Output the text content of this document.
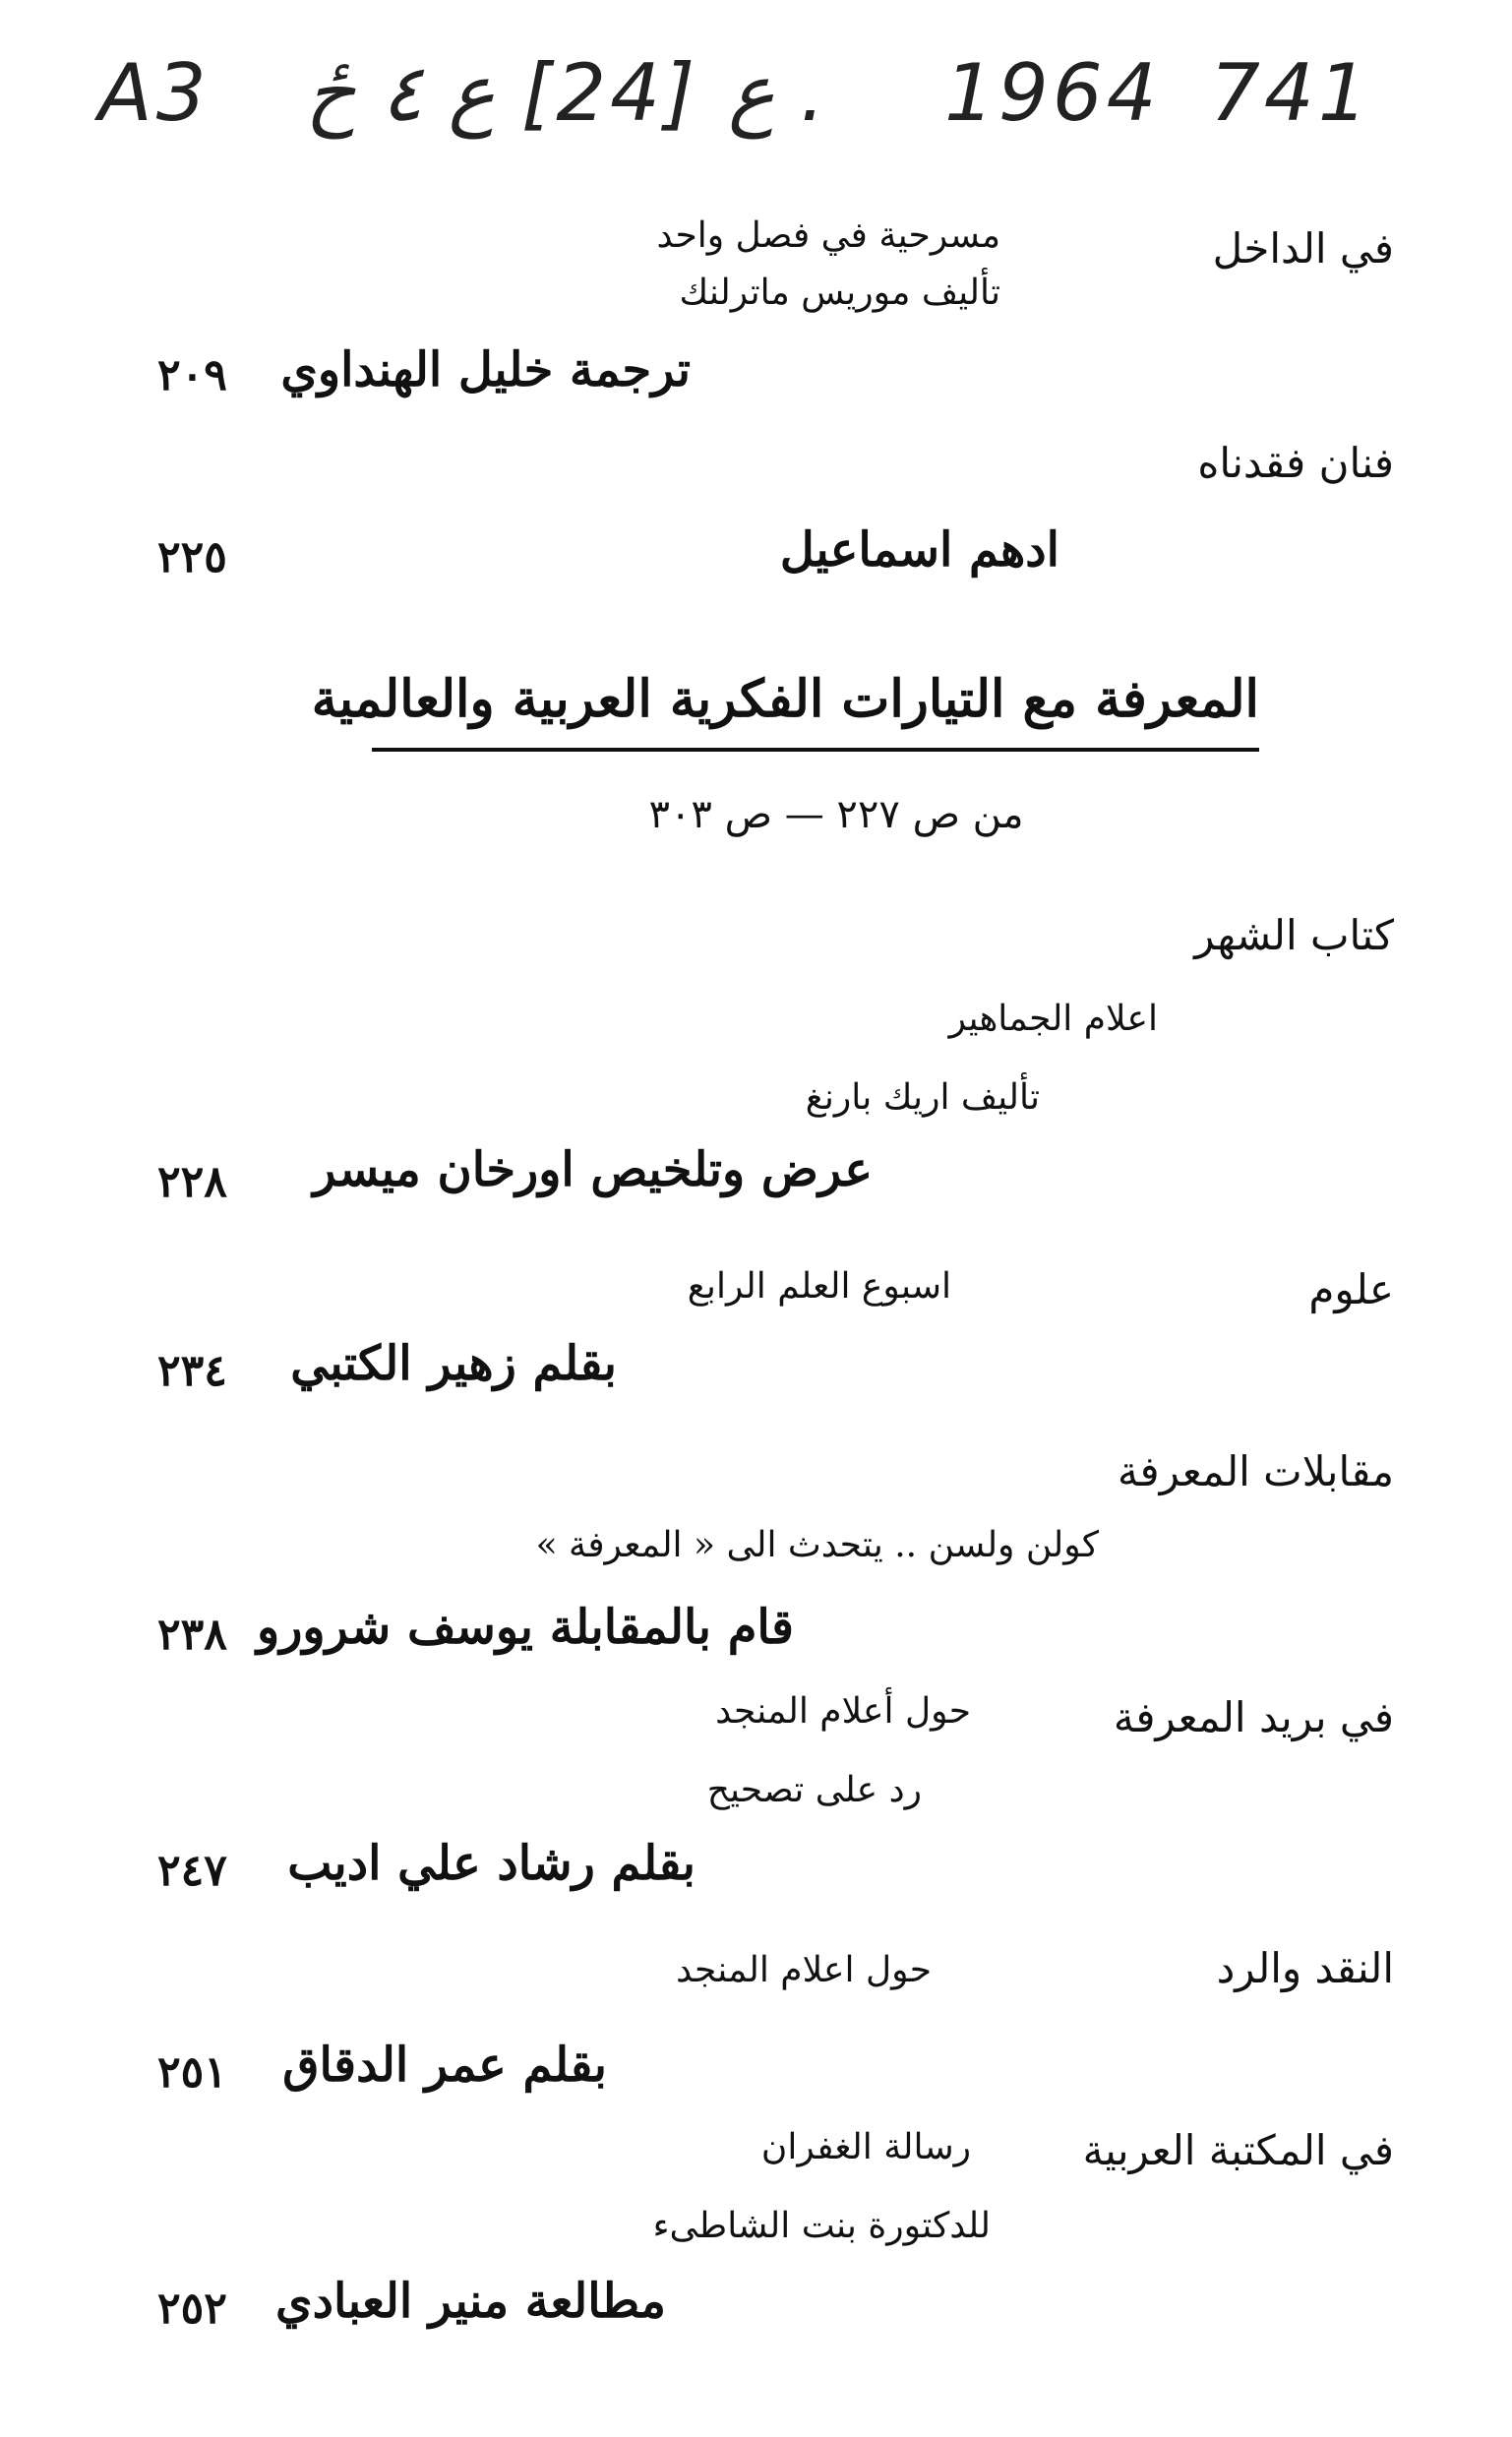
A3 ع ٤ ځ [24] ع . 1964 741
في الداخل
مسرحية في فصل واحد
تأليف موريس ماترلنك
ترجمة خليل الهنداوي
٢٠٩
فنان فقدناه
ادهم اسماعيل
٢٢٥
المعرفة مع التيارات الفكرية العربية والعالمية
من ص ٢٢٧ — ص ٣٠٣
كتاب الشهر
اعلام الجماهير
تأليف اريك بارنغ
عرض وتلخيص اورخان ميسر
٢٢٨
علوم
اسبوع العلم الرابع
بقلم زهير الكتبي
٢٣٤
مقابلات المعرفة
كولن ولسن .. يتحدث الى « المعرفة »
قام بالمقابلة يوسف شرورو
٢٣٨
في بريد المعرفة
حول أعلام المنجد
رد على تصحيح
بقلم رشاد علي اديب
٢٤٧
النقد والرد
حول اعلام المنجد
بقلم عمر الدقاق
٢٥١
في المكتبة العربية
رسالة الغفران
للدكتورة بنت الشاطىء
مطالعة منير العبادي
٢٥٢
